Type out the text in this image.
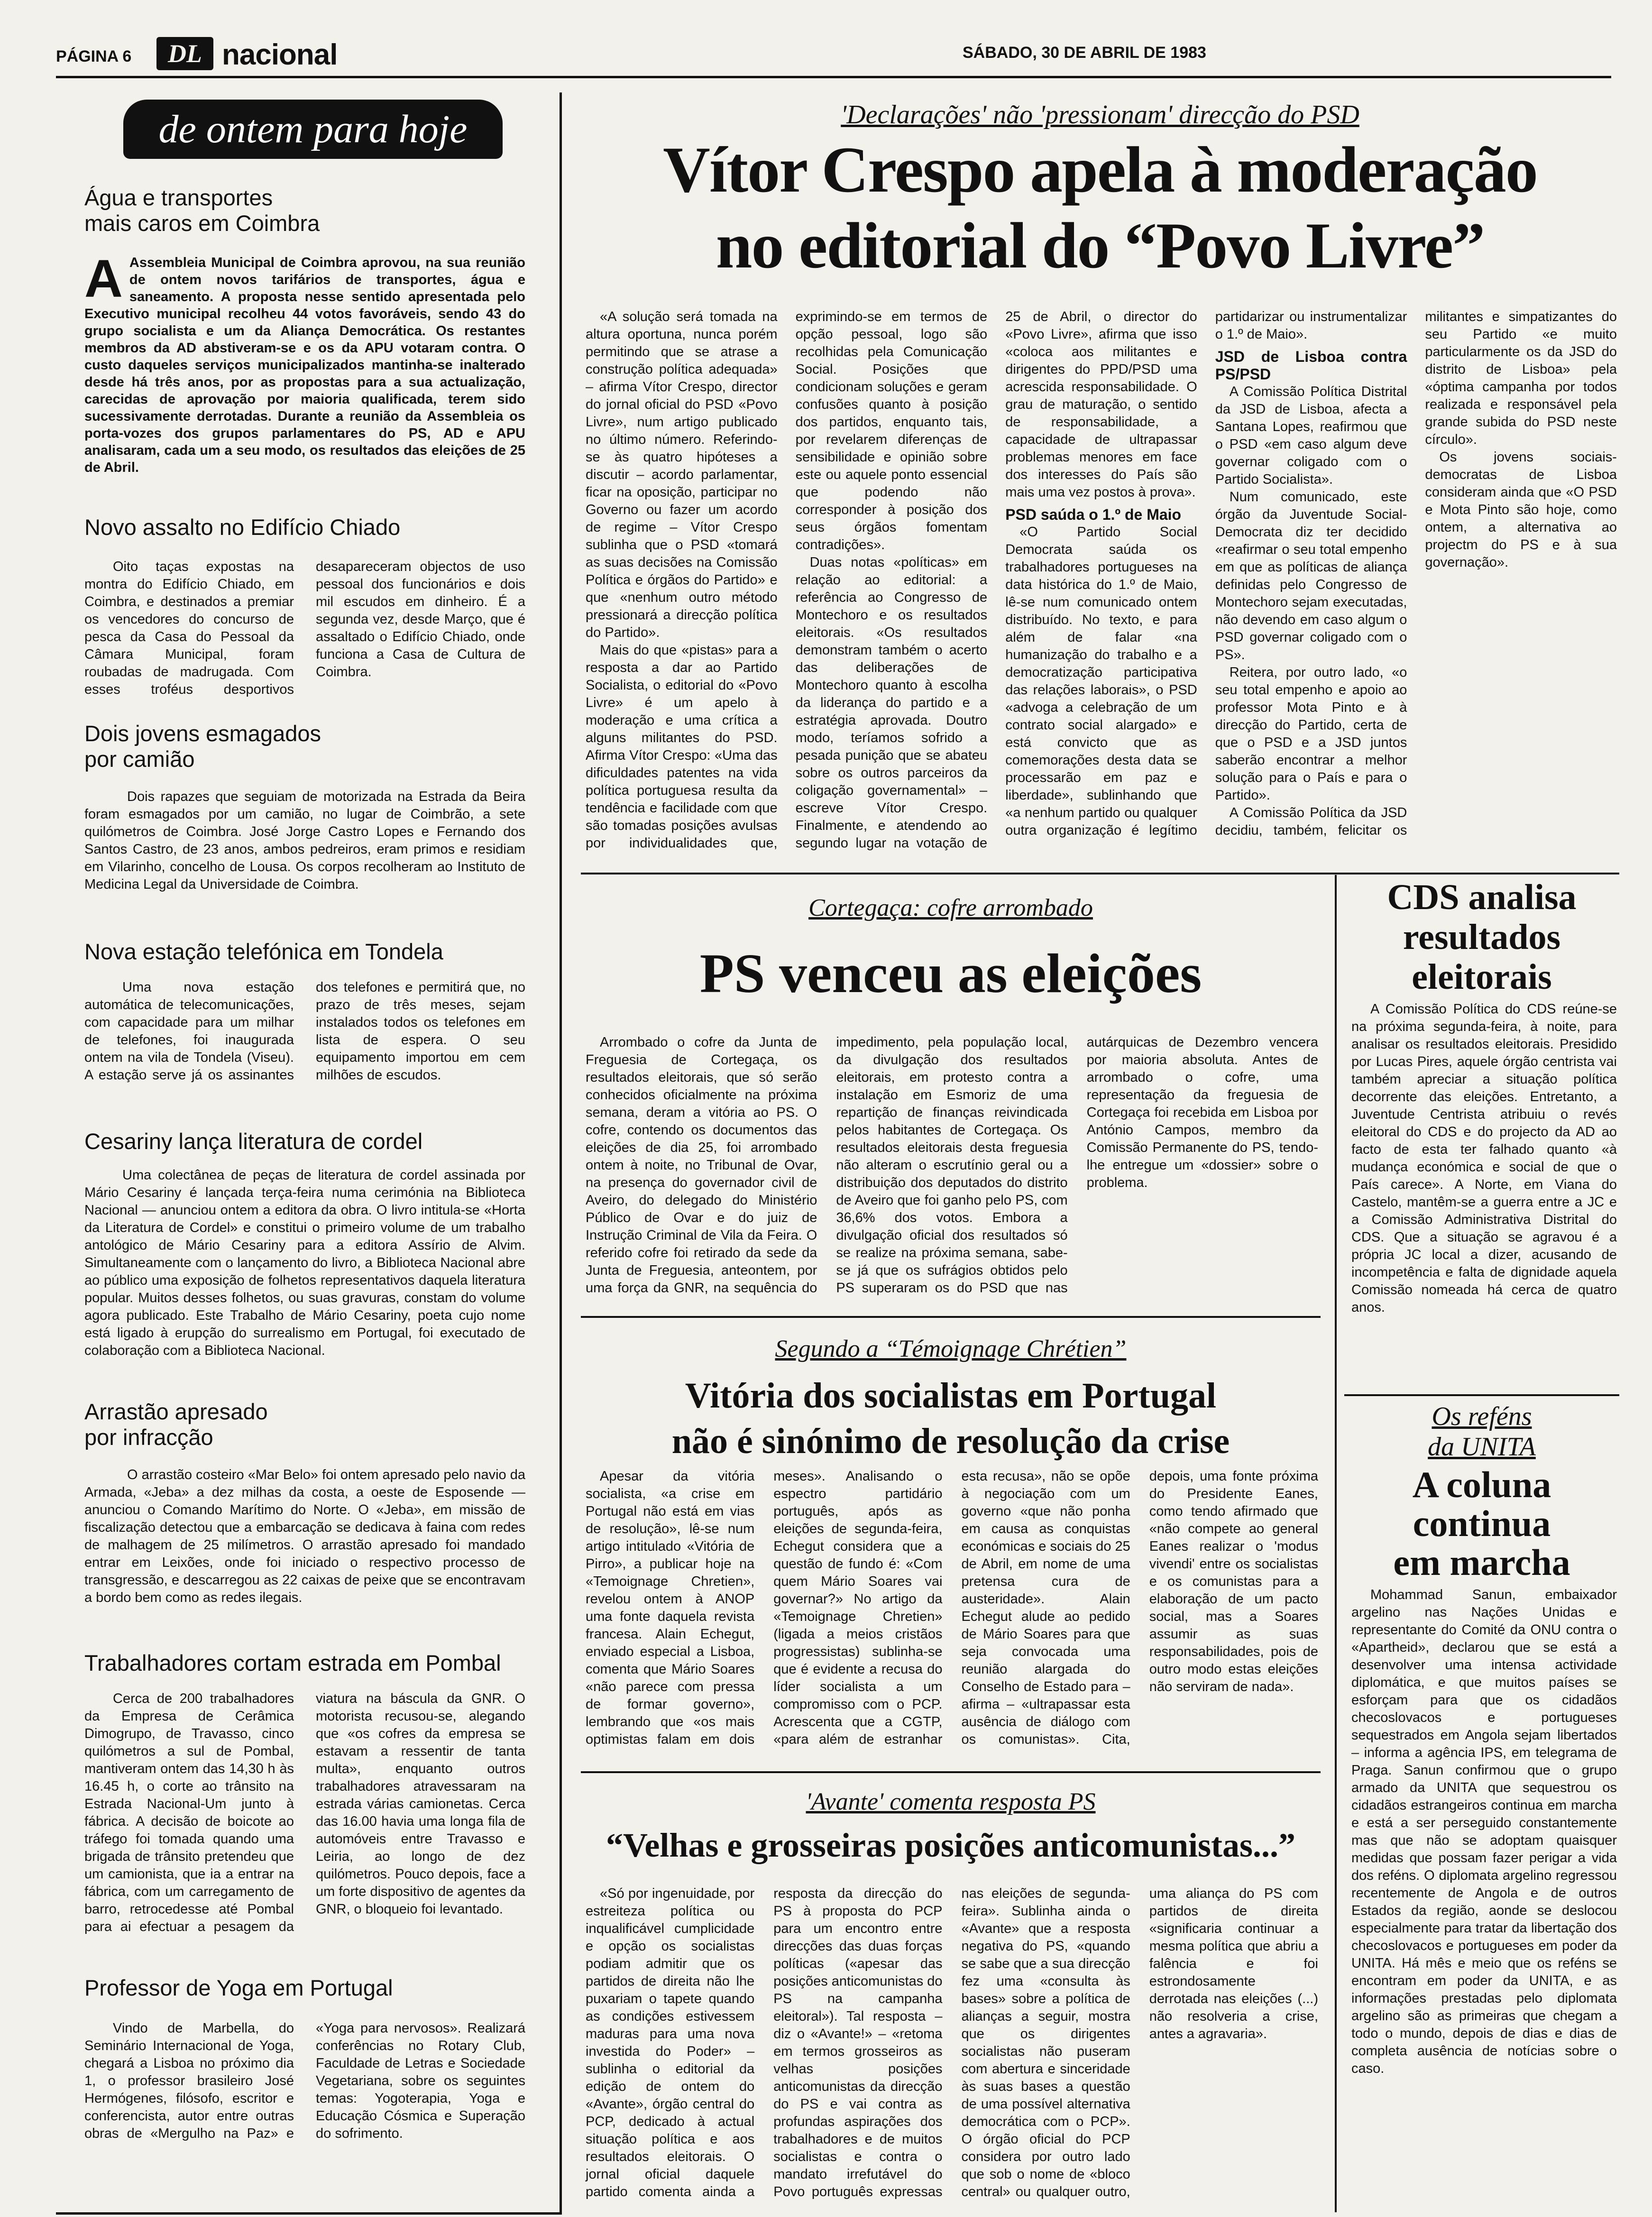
PÁGINA 6	DL nacional	SÁBADO, 30 DE ABRIL DE 1983
de ontem para hoje
Água e transportes
mais caros em Coimbra
A Assembleia Municipal de Coimbra aprovou, na sua reunião de ontem novos tarifários de transportes, água e saneamento. A proposta nesse sentido apresentada pelo Executivo municipal recolheu 44 votos favoráveis, sendo 43 do grupo socialista e um da Aliança Democrática. Os restantes membros da AD abstiveram-se e os da APU votaram contra. O custo daqueles serviços municipalizados mantinha-se inalterado desde há três anos, por as propostas para a sua actualização, carecidas de aprovação por maioria qualificada, terem sido sucessivamente derrotadas. Durante a reunião da Assembleia os porta-vozes dos grupos parlamentares do PS, AD e APU analisaram, cada um a seu modo, os resultados das eleições de 25 de Abril.
Novo assalto no Edifício Chiado
Oito taças expostas na montra do Edifício Chiado, em Coimbra, e destinados a premiar os vencedores do concurso de pesca da Casa do Pessoal da Câmara Municipal, foram roubadas de madrugada. Com esses troféus desportivos desapareceram objectos de uso pessoal dos funcionários e dois mil escudos em dinheiro. É a segunda vez, desde Março, que é assaltado o Edifício Chiado, onde funciona a Casa de Cultura de Coimbra.
Dois jovens esmagados
por camião
Dois rapazes que seguiam de motorizada na Estrada da Beira foram esmagados por um camião, no lugar de Coimbrão, a sete quilómetros de Coimbra. José Jorge Castro Lopes e Fernando dos Santos Castro, de 23 anos, ambos pedreiros, eram primos e residiam em Vilarinho, concelho de Lousa. Os corpos recolheram ao Instituto de Medicina Legal da Universidade de Coimbra.
Nova estação telefónica em Tondela
Uma nova estação automática de telecomunicações, com capacidade para um milhar de telefones, foi inaugurada ontem na vila de Tondela (Viseu). A estação serve já os assinantes dos telefones e permitirá que, no prazo de três meses, sejam instalados todos os telefones em lista de espera. O seu equipamento importou em cem milhões de escudos.
Cesariny lança literatura de cordel
Uma colectânea de peças de literatura de cordel assinada por Mário Cesariny é lançada terça-feira numa cerimónia na Biblioteca Nacional — anunciou ontem a editora da obra. O livro intitula-se «Horta da Literatura de Cordel» e constitui o primeiro volume de um trabalho antológico de Mário Cesariny para a editora Assírio de Alvim. Simultaneamente com o lançamento do livro, a Biblioteca Nacional abre ao público uma exposição de folhetos representativos daquela literatura popular. Muitos desses folhetos, ou suas gravuras, constam do volume agora publicado. Este Trabalho de Mário Cesariny, poeta cujo nome está ligado à erupção do surrealismo em Portugal, foi executado de colaboração com a Biblioteca Nacional.
Arrastão apresado
por infracção
O arrastão costeiro «Mar Belo» foi ontem apresado pelo navio da Armada, «Jeba» a dez milhas da costa, a oeste de Esposende — anunciou o Comando Marítimo do Norte. O «Jeba», em missão de fiscalização detectou que a embarcação se dedicava à faina com redes de malhagem de 25 milímetros. O arrastão apresado foi mandado entrar em Leixões, onde foi iniciado o respectivo processo de transgressão, e descarregou as 22 caixas de peixe que se encontravam a bordo bem como as redes ilegais.
Trabalhadores cortam estrada em Pombal
Cerca de 200 trabalhadores da Empresa de Cerâmica Dimogrupo, de Travasso, cinco quilómetros a sul de Pombal, mantiveram ontem das 14,30 h às 16.45 h, o corte ao trânsito na Estrada Nacional-Um junto à fábrica. A decisão de boicote ao tráfego foi tomada quando uma brigada de trânsito pretendeu que um camionista, que ia a entrar na fábrica, com um carregamento de barro, retrocedesse até Pombal para ai efectuar a pesagem da viatura na báscula da GNR. O motorista recusou-se, alegando que «os cofres da empresa se estavam a ressentir de tanta multa», enquanto outros trabalhadores atravessaram na estrada várias camionetas. Cerca das 16.00 havia uma longa fila de automóveis entre Travasso e Leiria, ao longo de dez quilómetros. Pouco depois, face a um forte dispositivo de agentes da GNR, o bloqueio foi levantado.
Professor de Yoga em Portugal
Vindo de Marbella, do Seminário Internacional de Yoga, chegará a Lisboa no próximo dia 1, o professor brasileiro José Hermógenes, filósofo, escritor e conferencista, autor entre outras obras de «Mergulho na Paz» e «Yoga para nervosos». Realizará conferências no Rotary Club, Faculdade de Letras e Sociedade Vegetariana, sobre os seguintes temas: Yogoterapia, Yoga e Educação Cósmica e Superação do sofrimento.
'Declarações' não 'pressionam' direcção do PSD
Vítor Crespo apela à moderação
no editorial do “Povo Livre”

«A solução será tomada na altura oportuna, nunca porém permitindo que se atrase a construção política adequada» – afirma Vítor Crespo, director do jornal oficial do PSD «Povo Livre», num artigo publicado no último número. Referindo-se às quatro hipóteses a discutir – acordo parlamentar, ficar na oposição, participar no Governo ou fazer um acordo de regime – Vítor Crespo sublinha que o PSD «tomará as suas decisões na Comissão Política e órgãos do Partido» e que «nenhum outro método pressionará a direcção política do Partido».

Mais do que «pistas» para a resposta a dar ao Partido Socialista, o editorial do «Povo Livre» é um apelo à moderação e uma crítica a alguns militantes do PSD. Afirma Vítor Crespo: «Uma das dificuldades patentes na vida política portuguesa resulta da tendência e facilidade com que são tomadas posições avulsas por individualidades que, exprimindo-se em termos de opção pessoal, logo são recolhidas pela Comunicação Social. Posições que condicionam soluções e geram confusões quanto à posição dos partidos, enquanto tais, por revelarem diferenças de sensibilidade e opinião sobre este ou aquele ponto essencial que podendo não corresponder à posição dos seus órgãos fomentam contradições».

Duas notas «políticas» em relação ao editorial: a referência ao Congresso de Montechoro e os resultados eleitorais. «Os resultados demonstram também o acerto das deliberações de Montechoro quanto à escolha da liderança do partido e a estratégia aprovada. Doutro modo, teríamos sofrido a pesada punição que se abateu sobre os outros parceiros da coligação governamental» – escreve Vítor Crespo. Finalmente, e atendendo ao segundo lugar na votação de 25 de Abril, o director do «Povo Livre», afirma que isso «coloca aos militantes e dirigentes do PPD/PSD uma acrescida responsabilidade. O grau de maturação, o sentido de responsabilidade, a capacidade de ultrapassar problemas menores em face dos interesses do País são mais uma vez postos à prova».

PSD saúda o 1.º de Maio

«O Partido Social Democrata saúda os trabalhadores portugueses na data histórica do 1.º de Maio, lê-se num comunicado ontem distribuído. No texto, e para além de falar «na humanização do trabalho e a democratização participativa das relações laborais», o PSD «advoga a celebração de um contrato social alargado» e está convicto que as comemorações desta data se processarão em paz e liberdade», sublinhando que «a nenhum partido ou qualquer outra organização é legítimo partidarizar ou instrumentalizar o 1.º de Maio».

JSD de Lisboa contra PS/PSD

A Comissão Política Distrital da JSD de Lisboa, afecta a Santana Lopes, reafirmou que o PSD «em caso algum deve governar coligado com o Partido Socialista».

Num comunicado, este órgão da Juventude Social-Democrata diz ter decidido «reafirmar o seu total empenho em que as políticas de aliança definidas pelo Congresso de Montechoro sejam executadas, não devendo em caso algum o PSD governar coligado com o PS».

Reitera, por outro lado, «o seu total empenho e apoio ao professor Mota Pinto e à direcção do Partido, certa de que o PSD e a JSD juntos saberão encontrar a melhor solução para o País e para o Partido».

A Comissão Política da JSD decidiu, também, felicitar os militantes e simpatizantes do seu Partido «e muito particularmente os da JSD do distrito de Lisboa» pela «óptima campanha por todos realizada e responsável pela grande subida do PSD neste círculo».

Os jovens sociais-democratas de Lisboa consideram ainda que «O PSD e Mota Pinto são hoje, como ontem, a alternativa ao projectm do PS e à sua governação».

Cortegaça: cofre arrombado
PS venceu as eleições
Arrombado o cofre da Junta de Freguesia de Cortegaça, os resultados eleitorais, que só serão conhecidos oficialmente na próxima semana, deram a vitória ao PS. O cofre, contendo os documentos das eleições de dia 25, foi arrombado ontem à noite, no Tribunal de Ovar, na presença do governador civil de Aveiro, do delegado do Ministério Público de Ovar e do juiz de Instrução Criminal de Vila da Feira. O referido cofre foi retirado da sede da Junta de Freguesia, anteontem, por uma força da GNR, na sequência do impedimento, pela população local, da divulgação dos resultados eleitorais, em protesto contra a instalação em Esmoriz de uma repartição de finanças reivindicada pelos habitantes de Cortegaça. Os resultados eleitorais desta freguesia não alteram o escrutínio geral ou a distribuição dos deputados do distrito de Aveiro que foi ganho pelo PS, com 36,6% dos votos. Embora a divulgação oficial dos resultados só se realize na próxima semana, sabe-se já que os sufrágios obtidos pelo PS superaram os do PSD que nas autárquicas de Dezembro vencera por maioria absoluta. Antes de arrombado o cofre, uma representação da freguesia de Cortegaça foi recebida em Lisboa por António Campos, membro da Comissão Permanente do PS, tendo-lhe entregue um «dossier» sobre o problema.
Segundo a “Témoignage Chrétien”
Vitória dos socialistas em Portugal
não é sinónimo de resolução da crise
Apesar da vitória socialista, «a crise em Portugal não está em vias de resolução», lê-se num artigo intitulado «Vitória de Pirro», a publicar hoje na «Temoignage Chretien», revelou ontem à ANOP uma fonte daquela revista francesa. Alain Echegut, enviado especial a Lisboa, comenta que Mário Soares «não parece com pressa de formar governo», lembrando que «os mais optimistas falam em dois meses». Analisando o espectro partidário português, após as eleições de segunda-feira, Echegut considera que a questão de fundo é: «Com quem Mário Soares vai governar?» No artigo da «Temoignage Chretien» (ligada a meios cristãos progressistas) sublinha-se que é evidente a recusa do líder socialista a um compromisso com o PCP. Acrescenta que a CGTP, «para além de estranhar esta recusa», não se opõe à negociação com um governo «que não ponha em causa as conquistas económicas e sociais do 25 de Abril, em nome de uma pretensa cura de austeridade». Alain Echegut alude ao pedido de Mário Soares para que seja convocada uma reunião alargada do Conselho de Estado para – afirma – «ultrapassar esta ausência de diálogo com os comunistas». Cita, depois, uma fonte próxima do Presidente Eanes, como tendo afirmado que «não compete ao general Eanes realizar o 'modus vivendi' entre os socialistas e os comunistas para a elaboração de um pacto social, mas a Soares assumir as suas responsabilidades, pois de outro modo estas eleições não serviram de nada».
'Avante' comenta resposta PS
“Velhas e grosseiras posições anticomunistas...”
«Só por ingenuidade, por estreiteza política ou inqualificável cumplicidade e opção os socialistas podiam admitir que os partidos de direita não lhe puxariam o tapete quando as condições estivessem maduras para uma nova investida do Poder» – sublinha o editorial da edição de ontem do «Avante», órgão central do PCP, dedicado à actual situação política e aos resultados eleitorais. O jornal oficial daquele partido comenta ainda a resposta da direcção do PS à proposta do PCP para um encontro entre direcções das duas forças políticas («apesar das posições anticomunistas do PS na campanha eleitoral»). Tal resposta – diz o «Avante!» – «retoma em termos grosseiros as velhas posições anticomunistas da direcção do PS e vai contra as profundas aspirações dos trabalhadores e de muitos socialistas e contra o mandato irrefutável do Povo português expressas nas eleições de segunda-feira». Sublinha ainda o «Avante» que a resposta negativa do PS, «quando se sabe que a sua direcção fez uma «consulta às bases» sobre a política de alianças a seguir, mostra que os dirigentes socialistas não puseram com abertura e sinceridade às suas bases a questão de uma possível alternativa democrática com o PCP». O órgão oficial do PCP considera por outro lado que sob o nome de «bloco central» ou qualquer outro, uma aliança do PS com partidos de direita «significaria continuar a mesma política que abriu a falência e foi estrondosamente derrotada nas eleições (...) não resolveria a crise, antes a agravaria».
CDS analisa
resultados
eleitorais
A Comissão Política do CDS reúne-se na próxima segunda-feira, à noite, para analisar os resultados eleitorais. Presidido por Lucas Pires, aquele órgão centrista vai também apreciar a situação política decorrente das eleições. Entretanto, a Juventude Centrista atribuiu o revés eleitoral do CDS e do projecto da AD ao facto de esta ter falhado quanto «à mudança económica e social de que o País carece». A Norte, em Viana do Castelo, mantêm-se a guerra entre a JC e a Comissão Administrativa Distrital do CDS. Que a situação se agravou é a própria JC local a dizer, acusando de incompetência e falta de dignidade aquela Comissão nomeada há cerca de quatro anos.
Os reféns
da UNITA
A coluna
continua
em marcha
Mohammad Sanun, embaixador argelino nas Nações Unidas e representante do Comité da ONU contra o «Apartheid», declarou que se está a desenvolver uma intensa actividade diplomática, e que muitos países se esforçam para que os cidadãos checoslovacos e portugueses sequestrados em Angola sejam libertados – informa a agência IPS, em telegrama de Praga. Sanun confirmou que o grupo armado da UNITA que sequestrou os cidadãos estrangeiros continua em marcha e está a ser perseguido constantemente mas que não se adoptam quaisquer medidas que possam fazer perigar a vida dos reféns. O diplomata argelino regressou recentemente de Angola e de outros Estados da região, aonde se deslocou especialmente para tratar da libertação dos checoslovacos e portugueses em poder da UNITA. Há mês e meio que os reféns se encontram em poder da UNITA, e as informações prestadas pelo diplomata argelino são as primeiras que chegam a todo o mundo, depois de dias e dias de completa ausência de notícias sobre o caso.
